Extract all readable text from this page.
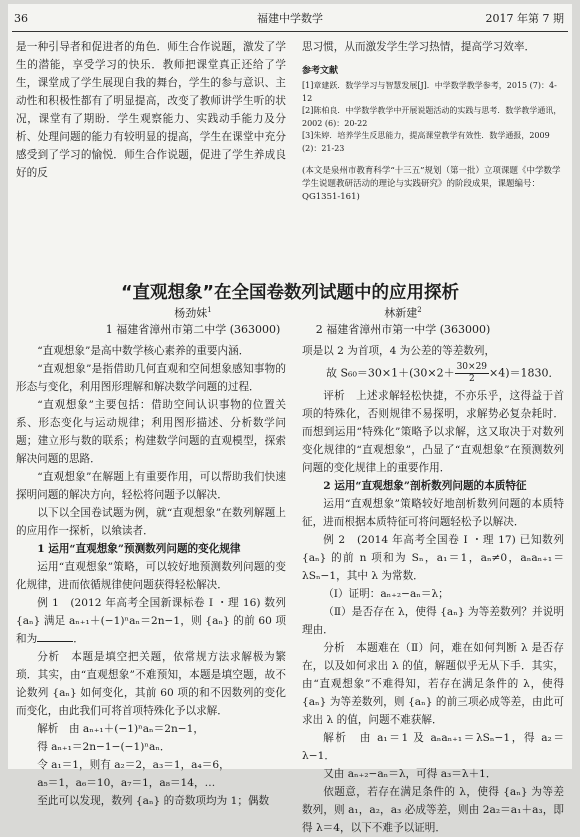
36	福建中学数学	2017 年第 7 期

是一种引导者和促进者的角色．师生合作说题，激发了学生的潜能，享受学习的快乐．教师把课堂真正还给了学生，课堂成了学生展现自我的舞台，学生的参与意识、主动性和积极性都有了明显提高，改变了教师讲学生听的状况，课堂有了期盼．学生观察能力、实践动手能力及分析、处理问题的能力有较明显的提高，学生在课堂中充分感受到了学习的愉悦．师生合作说题，促进了学生养成良好的反

思习惯，从而激发学生学习热情，提高学习效率．

参考文献

[1]章建跃．数学学习与智慧发展[J]．中学数学教学参考，2015 (7)：4-12

[2]陈柏良．中学数学教学中开展说题活动的实践与思考．数学教学通讯，2002 (6)：20-22

[3]朱婷．培养学生反思能力，提高课堂教学有效性．数学通报，2009 (2)：21-23

(本文是泉州市教育科学“十三五”规划（第一批）立项课题《中学数学学生说题教研活动的理论与实践研究》的阶段成果，课题编号：QG1351-161)

“直观想象”在全国卷数列试题中的应用探析
杨劲妹$^1$
1 福建省漳州市第二中学 (363000)
林新建$^2$
2 福建省漳州市第一中学 (363000)

“直观想象”是高中数学核心素养的重要内涵．

“直观想象”是指借助几何直观和空间想象感知事物的形态与变化，利用图形理解和解决数学问题的过程．

“直观想象”主要包括：借助空间认识事物的位置关系、形态变化与运动规律；利用图形描述、分析数学问题；建立形与数的联系；构建数学问题的直观模型，探索解决问题的思路．

“直观想象”在解题上有重要作用，可以帮助我们快速探明问题的解决方向，轻松将问题予以解决．

以下以全国卷试题为例，就“直观想象”在数列解题上的应用作一探析，以飨读者．

1 运用“直观想象”预测数列问题的变化规律

运用“直观想象”策略，可以较好地预测数列问题的变化规律，进而依循规律使问题获得轻松解决．

例 1　(2012 年高考全国新课标卷 I ・理 16) 数列 {aₙ} 满足 aₙ₊₁＋(−1)ⁿaₙ＝2n−1，则 {aₙ} 的前 60 项和为	．

分析　本题是填空把关题，依常规方法求解极为繁琐．其实，由“直观想象”不难预知，本题是填空题，故不论数列 {aₙ} 如何变化，其前 60 项的和不因数列的变化而变化，由此我们可将首项特殊化予以求解．

解析　由 aₙ₊₁＋(−1)ⁿaₙ＝2n−1，

得 aₙ₊₁＝2n−1−(−1)ⁿaₙ．

令 a₁＝1，则有 a₂＝2，a₃＝1，a₄＝6，

a₅＝1，a₆＝10，a₇＝1，a₈＝14，…

至此可以发现，数列 {aₙ} 的奇数项均为 1；偶数

项是以 2 为首项，4 为公差的等差数列，

故 $S_{60}=30\times 1+(30\times 2+ \frac{30\times 29}{2} \times 4)=1830$．

评析　上述求解轻松快捷，不亦乐乎，这得益于首项的特殊化，否则规律不易探明，求解势必复杂耗时．而想到运用“特殊化”策略予以求解，这又取决于对数列变化规律的“直观想象”，凸显了“直观想象”在预测数列问题的变化规律上的重要作用．

2 运用“直观想象”剖析数列问题的本质特征

运用“直观想象”策略较好地剖析数列问题的本质特征，进而根据本质特征可将问题轻松予以解决．

例 2　(2014 年高考全国卷 I ・理 17) 已知数列 {aₙ} 的前 n 项和为 Sₙ，a₁＝1，aₙ≠0，aₙaₙ₊₁＝λSₙ−1，其中 λ 为常数．

（Ⅰ）证明：aₙ₊₂−aₙ＝λ；

（Ⅱ）是否存在 λ，使得 {aₙ} 为等差数列？并说明理由．

分析　本题难在（Ⅱ）问，难在如何判断 λ 是否存在，以及如何求出 λ 的值，解题似乎无从下手．其实，由“直观想象”不难得知，若存在满足条件的 λ，使得 {aₙ} 为等差数列，则 {aₙ} 的前三项必成等差，由此可求出 λ 的值，问题不难获解．

解析　由 a₁＝1 及 aₙaₙ₊₁＝λSₙ−1，得 a₂＝λ−1．

又由 aₙ₊₂−aₙ＝λ，可得 a₃＝λ＋1．

依题意，若存在满足条件的 λ，使得 {aₙ} 为等差数列，则 a₁，a₂，a₃ 必成等差，则由 2a₂＝a₁＋a₃，即得 λ＝4，以下不难予以证明．
